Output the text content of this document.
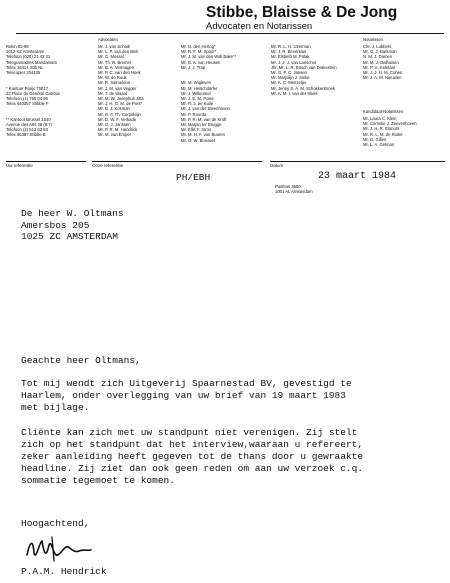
Stibbe, Blaisse & De Jong
Advocaten en Notarissen
Advocaten	Notarissen
Kandidaat-Notarissen
Rokin 92-96
1012 KZ Amsterdam
Telefoon (020) 21 43 21
Telegramadres Mandamam
Telex 16414 Stib NL
Telecopier 204435

* Kantoor Parijs 75017
22 Place du Général Catroux
Telefoon (1) 766 04 96
Telex 640357 Stibble F

** Kantoor Brussel 1040
Avenue des Arts 28 (8.7)
Telefoon (2) 513 83 83
Telex 65387 Stibbe B
Mr. J. van Schaik
Mr. L. P. van den Bink
Mr. G. Mossel
Mr. Th. R. Bremer
Mr. B. A. Vermagen
Mr. P. C. van den Hoek
Mr. W. de Ruuk
Mr. R. Salmeldon
Mr. J. M. van Vegger
Mr. T. de Waard
Mr. M. W. Josephus Jitta
Mr. J. H. G. M. de Pont*
Mr. B. J. Kosman
Mr. R. F. Th. Corpeleijn
Mr. D. W. F. Verkade
Mr. G. J. Janssen
Mr. P. R. M. Hendrick
Mr. M. van Emper
Mr. D. den Hertog*
Mr. R. F. M. Spoor*
Mr. J. M. van den Wall Bake**
Mr. B. A. van Heusen
Mr. J. J. Trap

Mr. M. Wigleven
Mr. M. Heischdörfer
Mr. J. Willeumel
Mr. J. E. M. Poise
Mr. R. J. ter Kuile
Mr. J. van der Steenhoven
Mr. P. Roorda
Mr. P. R. M. van de Kroft
Mr. Marjan ter Brugge
Mr. Ellis F. Stroo
Mr. M. H. F. van Buuren
Mr. O. W. Brouwer
Mr. R. L. H. IJzerman
Mr. J. R. Beverslus
Mr. Elsbeth M. Polak
Mr. J. J. J. van Lanschot
Jhr. Mr. L. R. Bosch van Drakestein
Mr. G. P. C. Jansen
Mr. Marjolijn J. Sinke
Mr. A. C. Menzeljer
Mr. Jenny S. A. M. Schokkenbroek
Mr. A. M. I. van der Stiels
Chr. J. Lubbers
Mr. G. J. Barkman
N. M. J. Damen
Mr. M. J. Dalhuisen
Mr. P. H. Kelelaar
Mr. J. J. H. M. Cohen
Mr. J. A. M. Nieuwen
Mr. Laura C. Klein
Mr. Cornelie J. Zeevenhoven
Mr. J. H. R. Esmurs
Mr. R. L. M. de Ruiter
Mr. G. Gillen
Mr. L. A. Gelman
Uw referentie	Onze referentie	Datum
PH/EBH	23 maart 1984
Postbus 3660
1001 AL Amsterdam
De heer W. Oltmans
Amersbos 205
1025 ZC AMSTERDAM
Geachte heer Oltmans,
Tot mij wendt zich Uitgeverij Spaarnestad BV, gevestigd te
Haarlem, onder overlegging van uw brief van 19 maart 1983
met bijlage.
Cliënte kan zich met uw standpunt niet verenigen. Zij stelt
zich op het standpunt dat het interview,waaraan u refereert,
zeker aanleiding heeft gegeven tot de thans door u gewraakte
headline. Zij ziet dan ook geen reden om aan uw verzoek c.q.
sommatie tegemoet te komen.
Hoogachtend,
P.A.M. Hendrick
